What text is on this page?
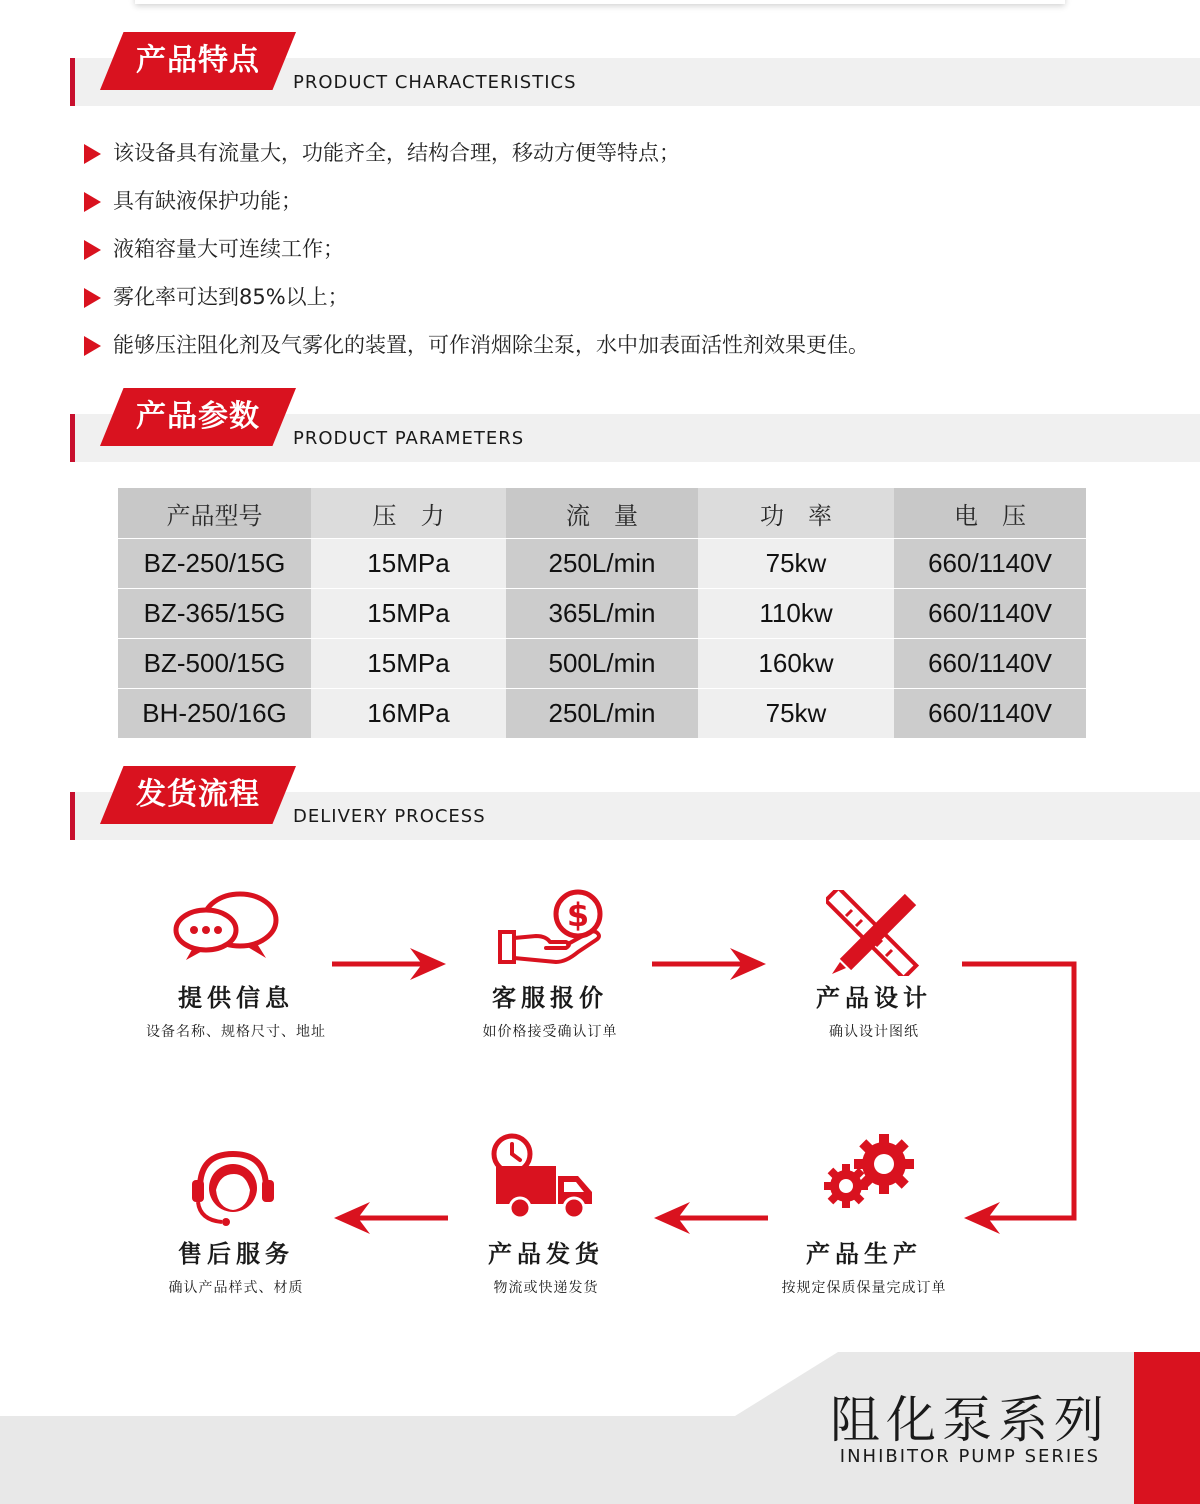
产品特点
PRODUCT CHARACTERISTICS
该设备具有流量大，功能齐全，结构合理，移动方便等特点；
具有缺液保护功能；
液箱容量大可连续工作；
雾化率可达到85%以上；
能够压注阻化剂及气雾化的装置，可作消烟除尘泵，水中加表面活性剂效果更佳。
产品参数
PRODUCT PARAMETERS
产品型号	压　力	流　量	功　率	电　压
BZ-250/15G	15MPa	250L/min	75kw	660/1140V
BZ-365/15G	15MPa	365L/min	110kw	660/1140V
BZ-500/15G	15MPa	500L/min	160kw	660/1140V
BH-250/16G	16MPa	250L/min	75kw	660/1140V
发货流程
DELIVERY PROCESS
$
提供信息
设备名称、规格尺寸、地址
客服报价
如价格接受确认订单
产品设计
确认设计图纸
产品生产
按规定保质保量完成订单
产品发货
物流或快递发货
售后服务
确认产品样式、材质
阻化泵系列
INHIBITOR PUMP SERIES
